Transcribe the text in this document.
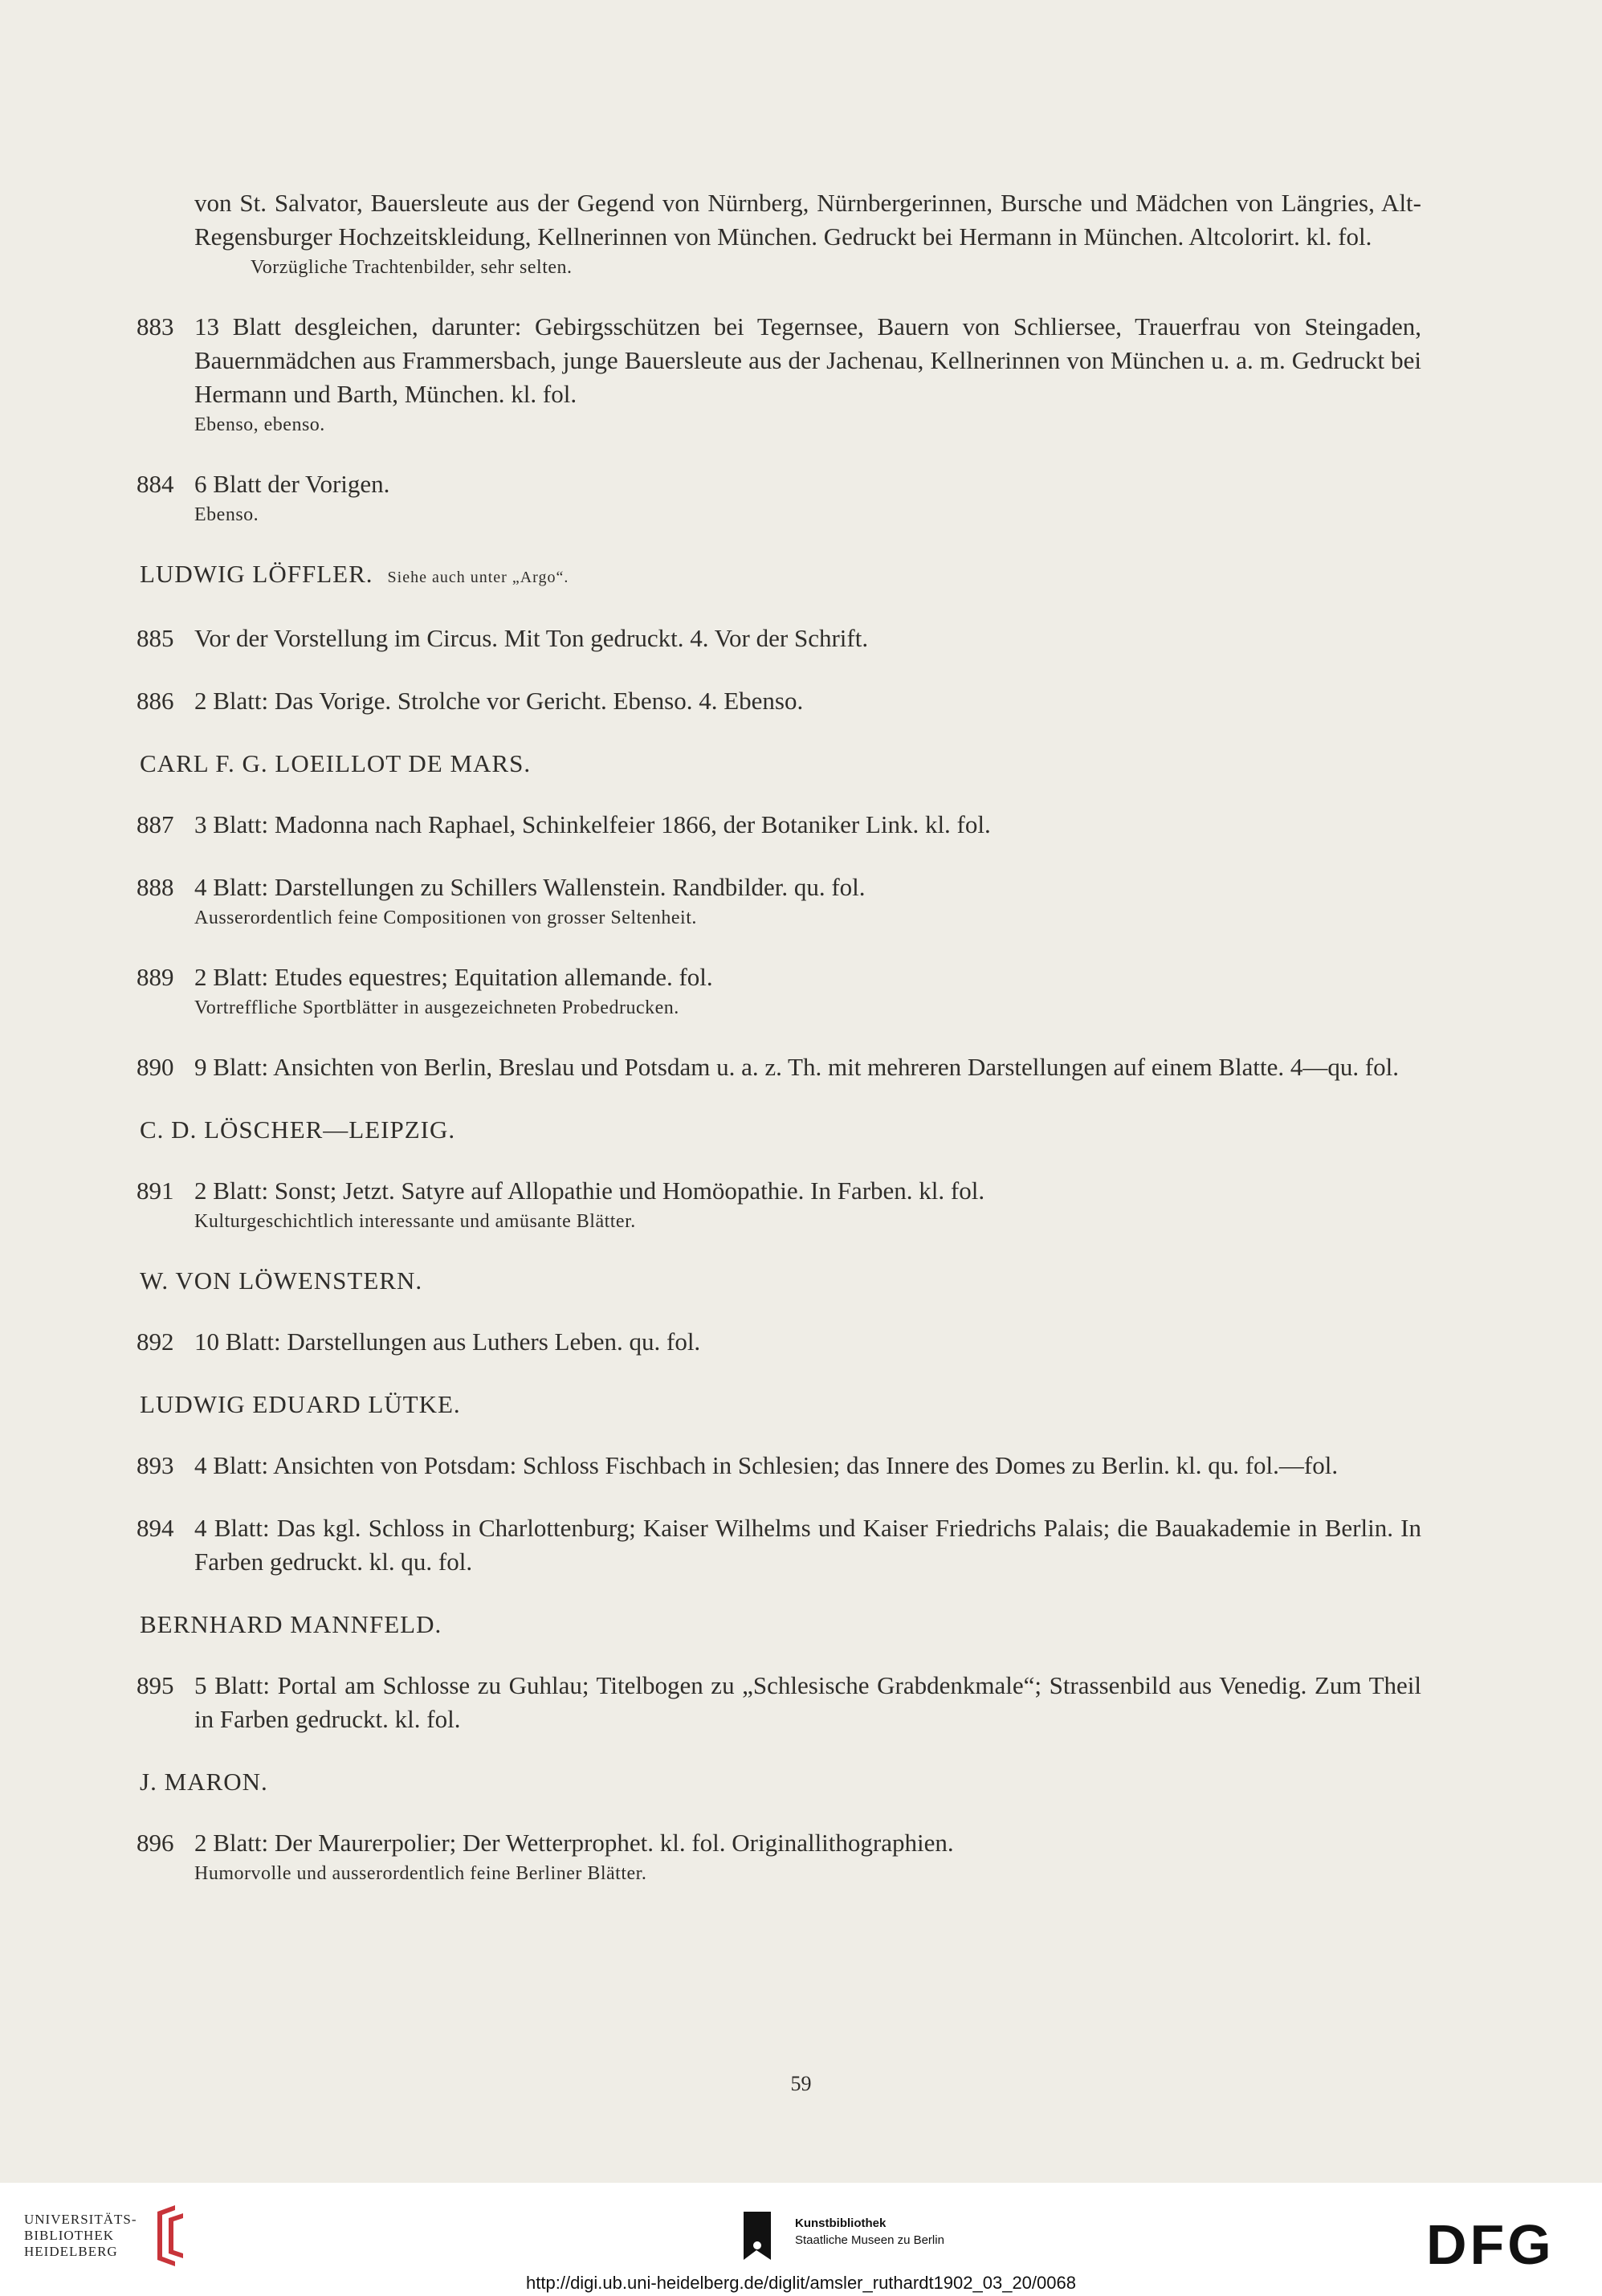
von St. Salvator, Bauersleute aus der Gegend von Nürnberg, Nürnbergerinnen, Bursche und Mädchen von Längries, Alt-Regensburger Hochzeitskleidung, Kellnerinnen von München. Gedruckt bei Hermann in München. Altcolorirt. kl. fol.
Vorzügliche Trachtenbilder, sehr selten.
883 13 Blatt desgleichen, darunter: Gebirgsschützen bei Tegernsee, Bauern von Schliersee, Trauerfrau von Steingaden, Bauernmädchen aus Frammersbach, junge Bauersleute aus der Jachenau, Kellnerinnen von München u. a. m. Gedruckt bei Hermann und Barth, München. kl. fol.
Ebenso, ebenso.
884 6 Blatt der Vorigen.
Ebenso.
LUDWIG LÖFFLER. Siehe auch unter „Argo“.
885 Vor der Vorstellung im Circus. Mit Ton gedruckt. 4. Vor der Schrift.
886 2 Blatt: Das Vorige. Strolche vor Gericht. Ebenso. 4. Ebenso.
CARL F. G. LOEILLOT DE MARS.
887 3 Blatt: Madonna nach Raphael, Schinkelfeier 1866, der Botaniker Link. kl. fol.
888 4 Blatt: Darstellungen zu Schillers Wallenstein. Randbilder. qu. fol.
Ausserordentlich feine Compositionen von grosser Seltenheit.
889 2 Blatt: Etudes equestres; Equitation allemande. fol.
Vortreffliche Sportblätter in ausgezeichneten Probedrucken.
890 9 Blatt: Ansichten von Berlin, Breslau und Potsdam u. a. z. Th. mit mehreren Darstellungen auf einem Blatte. 4—qu. fol.
C. D. LÖSCHER—LEIPZIG.
891 2 Blatt: Sonst; Jetzt. Satyre auf Allopathie und Homöopathie. In Farben. kl. fol.
Kulturgeschichtlich interessante und amüsante Blätter.
W. VON LÖWENSTERN.
892 10 Blatt: Darstellungen aus Luthers Leben. qu. fol.
LUDWIG EDUARD LÜTKE.
893 4 Blatt: Ansichten von Potsdam: Schloss Fischbach in Schlesien; das Innere des Domes zu Berlin. kl. qu. fol.—fol.
894 4 Blatt: Das kgl. Schloss in Charlottenburg; Kaiser Wilhelms und Kaiser Friedrichs Palais; die Bauakademie in Berlin. In Farben gedruckt. kl. qu. fol.
BERNHARD MANNFELD.
895 5 Blatt: Portal am Schlosse zu Guhlau; Titelbogen zu „Schlesische Grabdenkmale“; Strassenbild aus Venedig. Zum Theil in Farben gedruckt. kl. fol.
J. MARON.
896 2 Blatt: Der Maurerpolier; Der Wetterprophet. kl. fol. Originallithographien.
Humorvolle und ausserordentlich feine Berliner Blätter.
59
UNIVERSITÄTS-
BIBLIOTHEK
HEIDELBERG
Kunstbibliothek
Staatliche Museen zu Berlin	DFG
http://digi.ub.uni-heidelberg.de/diglit/amsler_ruthardt1902_03_20/0068
